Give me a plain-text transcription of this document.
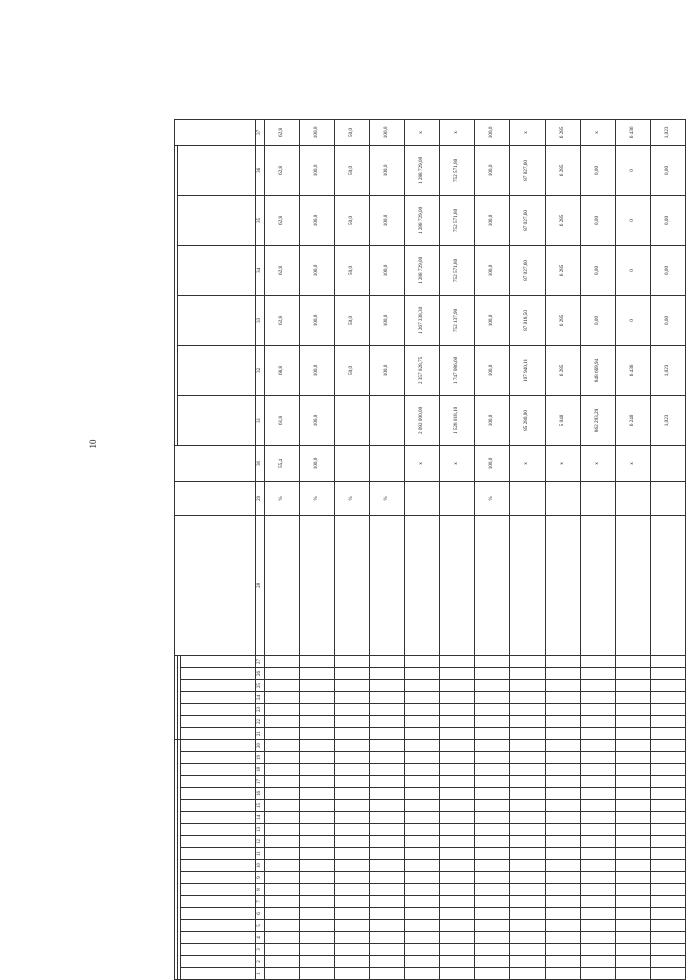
10

1	2	3	4	5	6	7	8	9	10	11	12	13	14	15	16	17	18	19	20	21	22	23	24	25	26	27	28	29	30	31	32	33	34	35	36	37
																												%	55,4	61,8	68,8	62,8	62,8	62,8	62,8	62,8
																												%	100,0	100,0	100,0	100,0	100,0	100,0	100,0	100,0
																												%			50,0	50,0	50,0	50,0	50,0	50,0
																												%			100,0	100,0	100,0	100,0	100,0	100,0
																													x	2 092 000,00	2 357 028,75	1 267 338,30	1 288 729,00	1 288 729,00	1 288 729,00	x
																													x	1 528 018,10	1 747 086,60	752 137,90	752 571,80	752 571,80	752 571,80	x
																												%	100,0	100,0	100,0	100,0	100,0	100,0	100,0	100,0
																													x	85 280,00	107 940,11	87 018,50	87 027,60	87 027,60	87 027,60	x
																													x	5 040	6 285	6 285	6 285	6 285	6 285	6 285
																													x	862 293,29	848 669,94	0,00	0,00	0,00	0,00	x
																													x	6 240	6 436	0	0	0	0	6 436
																														1,023	1,023	0,00	0,00	0,00	0,00	1,023
